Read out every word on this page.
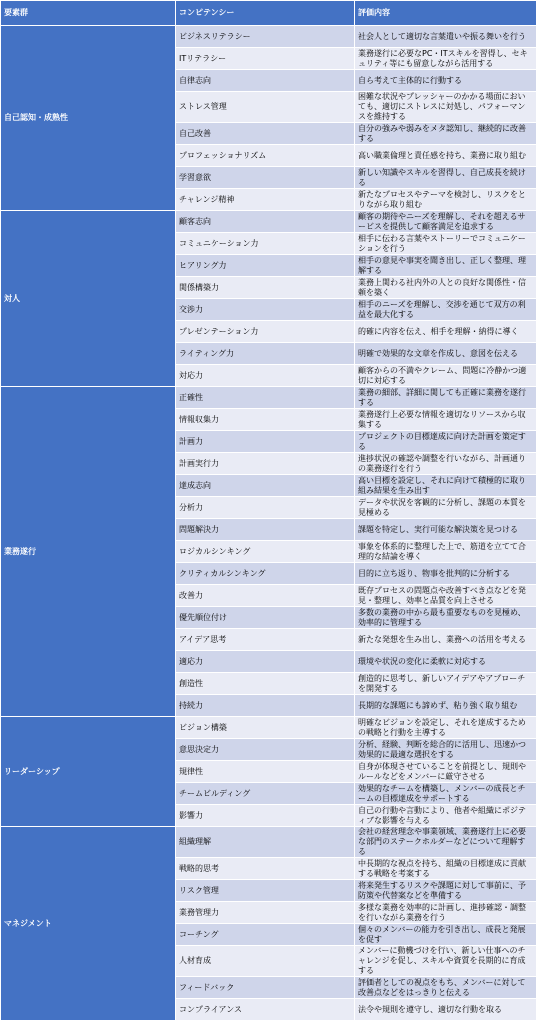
要素群	コンピテンシー	評価内容
自己認知・成熟性	ビジネスリテラシー	社会人として適切な言葉遣いや振る舞いを行う
	ITリテラシー	業務遂行に必要なPC・ITスキルを習得し、セキュリティ等にも留意しながら活用する
	自律志向	自ら考えて主体的に行動する
	ストレス管理	困難な状況やプレッシャーのかかる場面においても、適切にストレスに対処し、パフォーマンスを維持する
	自己改善	自分の強みや弱みをメタ認知し、継続的に改善する
	プロフェッショナリズム	高い職業倫理と責任感を持ち、業務に取り組む
	学習意欲	新しい知識やスキルを習得し、自己成長を続ける
	チャレンジ精神	新たなプロセスやテーマを検討し、リスクをとりながら取り組む
対人	顧客志向	顧客の期待やニーズを理解し、それを超えるサービスを提供して顧客満足を追求する
	コミュニケーション力	相手に伝わる言葉やストーリーでコミュニケーションを行う
	ヒアリング力	相手の意見や事実を聞き出し、正しく整理、理解する
	関係構築力	業務上関わる社内外の人との良好な関係性・信頼を築く
	交渉力	相手のニーズを理解し、交渉を通じて双方の利益を最大化する
	プレゼンテーション力	的確に内容を伝え、相手を理解・納得に導く
	ライティング力	明確で効果的な文章を作成し、意図を伝える
	対応力	顧客からの不満やクレーム、問題に冷静かつ適切に対応する
業務遂行	正確性	業務の細部、詳細に関しても正確に業務を遂行する
	情報収集力	業務遂行上必要な情報を適切なリソースから収集する
	計画力	プロジェクトの目標達成に向けた計画を策定する
	計画実行力	進捗状況の確認や調整を行いながら、計画通りの業務遂行を行う
	達成志向	高い目標を設定し、それに向けて積極的に取り組み結果を生み出す
	分析力	データや状況を客観的に分析し、課題の本質を見極める
	問題解決力	課題を特定し、実行可能な解決策を見つける
	ロジカルシンキング	事象を体系的に整理した上で、筋道を立てて合理的な結論を導く
	クリティカルシンキング	目的に立ち返り、物事を批判的に分析する
	改善力	既存プロセスの問題点や改善すべき点などを発見・整理し、効率と品質を向上させる
	優先順位付け	多数の業務の中から最も重要なものを見極め、効率的に管理する
	アイデア思考	新たな発想を生み出し、業務への活用を考える
	適応力	環境や状況の変化に柔軟に対応する
	創造性	創造的に思考し、新しいアイデアやアプローチを開発する
	持続力	長期的な課題にも諦めず、粘り強く取り組む
リーダーシップ	ビジョン構築	明確なビジョンを設定し、それを達成するための戦略と行動を主導する
	意思決定力	分析、経験、判断を総合的に活用し、迅速かつ効果的に最適な選択をする
	規律性	自身が体現させていることを前提とし、規則やルールなどをメンバーに厳守させる
	チームビルディング	効果的なチームを構築し、メンバーの成長とチームの目標達成をサポートする
	影響力	自己の行動や言動により、他者や組織にポジティブな影響を与える
マネジメント	組織理解	会社の経営理念や事業領域、業務遂行上に必要な部門のステークホルダーなどについて理解する
	戦略的思考	中長期的な視点を持ち、組織の目標達成に貢献する戦略を考案する
	リスク管理	将来発生するリスクや課題に対して事前に、予防策や代替案などを準備する
	業務管理力	多様な業務を効率的に計画し、進捗確認・調整を行いながら業務を行う
	コーチング	個々のメンバーの能力を引き出し、成長と発展を促す
	人材育成	メンバーに動機づけを行い、新しい仕事へのチャレンジを促し、スキルや資質を長期的に育成する
	フィードバック	評価者としての視点をもち、メンバーに対して改善点などをはっきりと伝える
	コンプライアンス	法令や規則を遵守し、適切な行動を取る
